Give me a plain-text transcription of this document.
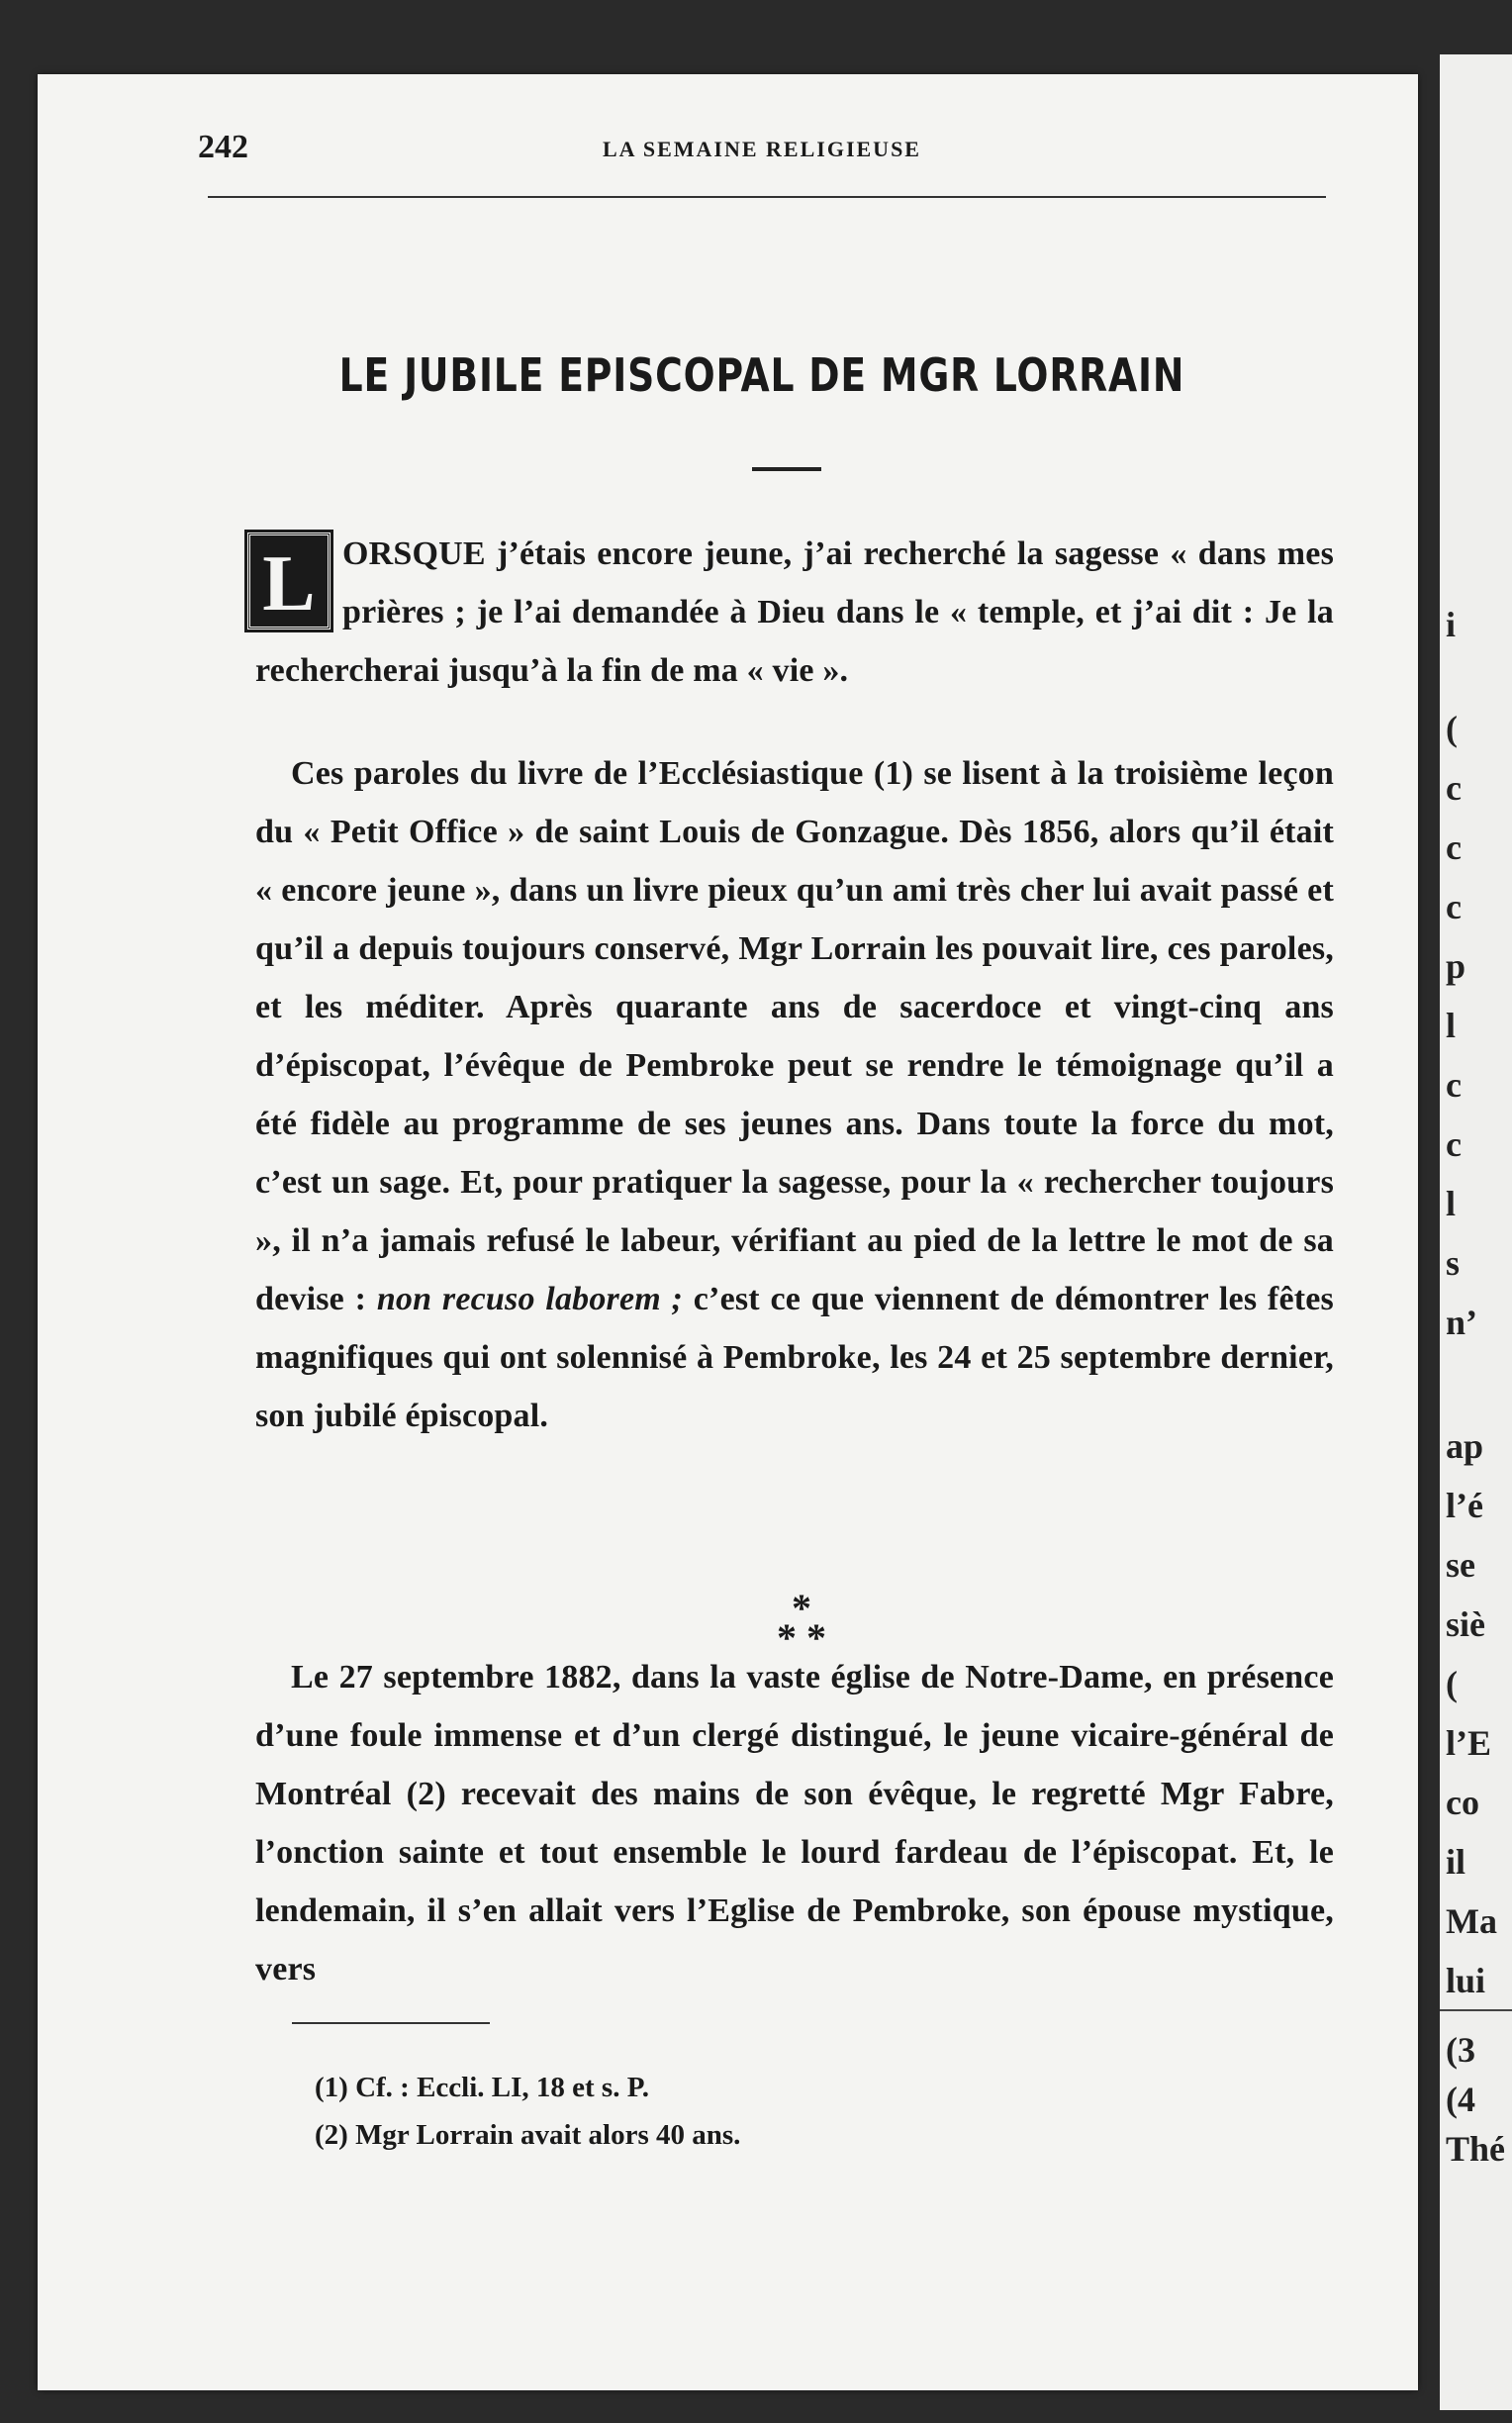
i
(
c
c
c
p
l
c
c
l
s
n’
ap
l’é
se
siè
(
l’E
co
il
Ma
lui
(3
(4
Thé
242	LA SEMAINE RELIGIEUSE
LE JUBILE EPISCOPAL DE MGR LORRAIN
L ORSQUE j’étais encore jeune, j’ai recherché la sagesse « dans mes prières ; je l’ai demandée à Dieu dans le « temple, et j’ai dit : Je la rechercherai jusqu’à la fin de ma « vie ».

Ces paroles du livre de l’Ecclésiastique (1) se lisent à la troisième leçon du « Petit Office » de saint Louis de Gonzague. Dès 1856, alors qu’il était « encore jeune », dans un livre pieux qu’un ami très cher lui avait passé et qu’il a depuis toujours conservé, Mgr Lorrain les pouvait lire, ces paroles, et les méditer. Après quarante ans de sacerdoce et vingt-cinq ans d’épiscopat, l’évêque de Pembroke peut se rendre le témoignage qu’il a été fidèle au programme de ses jeunes ans. Dans toute la force du mot, c’est un sage. Et, pour pratiquer la sagesse, pour la « rechercher toujours », il n’a jamais refusé le labeur, vérifiant au pied de la lettre le mot de sa devise : non recuso laborem ; c’est ce que viennent de démontrer les fêtes magnifiques qui ont solennisé à Pembroke, les 24 et 25 septembre dernier, son jubilé épiscopal.

*
* *

Le 27 septembre 1882, dans la vaste église de Notre-Dame, en présence d’une foule immense et d’un clergé distingué, le jeune vicaire-général de Montréal (2) recevait des mains de son évêque, le regretté Mgr Fabre, l’onction sainte et tout ensemble le lourd fardeau de l’épiscopat. Et, le lendemain, il s’en allait vers l’Eglise de Pembroke, son épouse mystique, vers

(1) Cf. : Eccli. LI, 18 et s. P.
(2) Mgr Lorrain avait alors 40 ans.
